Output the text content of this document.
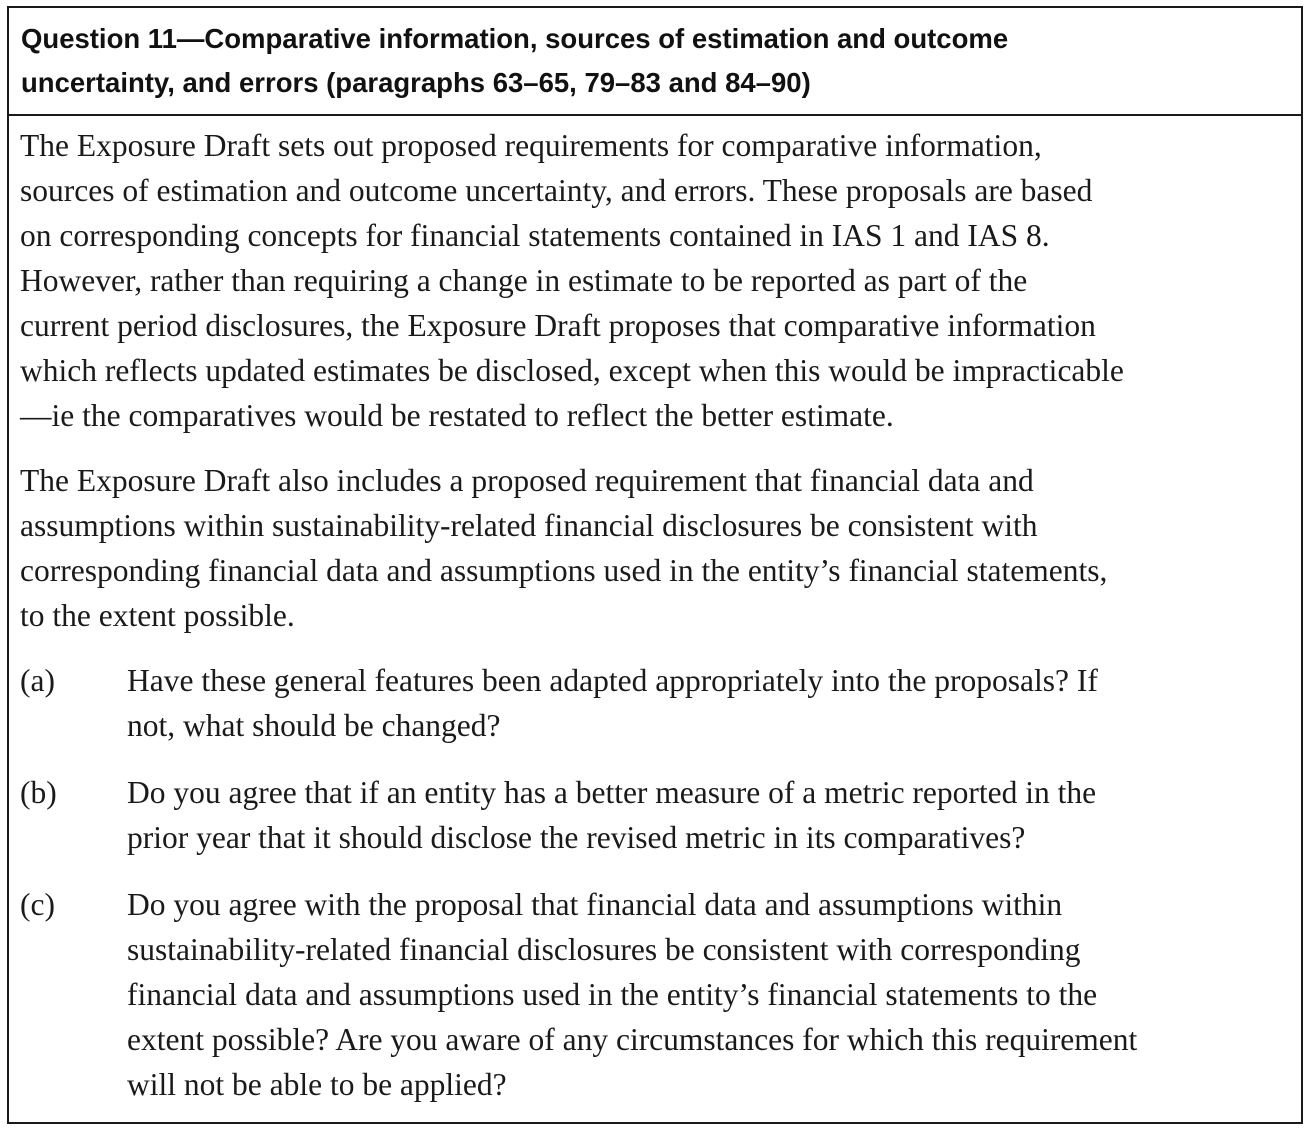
Question 11—Comparative information, sources of estimation and outcome
uncertainty, and errors (paragraphs 63–65, 79–83 and 84–90)
The Exposure Draft sets out proposed requirements for comparative information,
sources of estimation and outcome uncertainty, and errors. These proposals are based
on corresponding concepts for financial statements contained in IAS 1 and IAS 8.
However, rather than requiring a change in estimate to be reported as part of the
current period disclosures, the Exposure Draft proposes that comparative information
which reflects updated estimates be disclosed, except when this would be impracticable
—ie the comparatives would be restated to reflect the better estimate.
The Exposure Draft also includes a proposed requirement that financial data and
assumptions within sustainability-related financial disclosures be consistent with
corresponding financial data and assumptions used in the entity’s financial statements,
to the extent possible.
(a)	Have these general features been adapted appropriately into the proposals? If
not, what should be changed?
(b)	Do you agree that if an entity has a better measure of a metric reported in the
prior year that it should disclose the revised metric in its comparatives?
(c)	Do you agree with the proposal that financial data and assumptions within
sustainability-related financial disclosures be consistent with corresponding
financial data and assumptions used in the entity’s financial statements to the
extent possible? Are you aware of any circumstances for which this requirement
will not be able to be applied?
